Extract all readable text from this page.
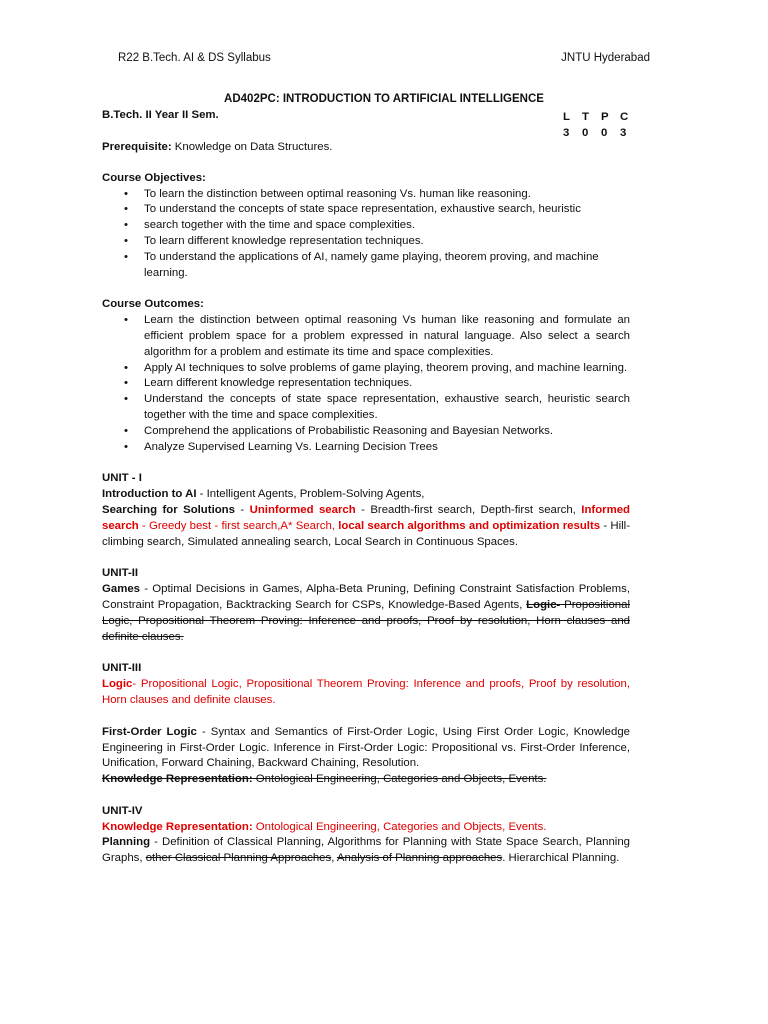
R22 B.Tech. AI & DS Syllabus	JNTU Hyderabad
AD402PC: INTRODUCTION TO ARTIFICIAL INTELLIGENCE
B.Tech. II Year II Sem.	L T P C
3 0 0 3

Prerequisite: Knowledge on Data Structures.

Course Objectives:

• To learn the distinction between optimal reasoning Vs. human like reasoning.
• To understand the concepts of state space representation, exhaustive search, heuristic
• search together with the time and space complexities.
• To learn different knowledge representation techniques.
• To understand the applications of AI, namely game playing, theorem proving, and machine learning.

Course Outcomes:

• Learn the distinction between optimal reasoning Vs human like reasoning and formulate an efficient problem space for a problem expressed in natural language. Also select a search algorithm for a problem and estimate its time and space complexities.
• Apply AI techniques to solve problems of game playing, theorem proving, and machine learning.
• Learn different knowledge representation techniques.
• Understand the concepts of state space representation, exhaustive search, heuristic search together with the time and space complexities.
• Comprehend the applications of Probabilistic Reasoning and Bayesian Networks.
• Analyze Supervised Learning Vs. Learning Decision Trees

UNIT - I

Introduction to AI - Intelligent Agents, Problem-Solving Agents,

Searching for Solutions - Uninformed search - Breadth-first search, Depth-first search, Informed search - Greedy best - first search,A* Search, local search algorithms and optimization results - Hill-climbing search, Simulated annealing search, Local Search in Continuous Spaces.

UNIT-II

Games - Optimal Decisions in Games, Alpha-Beta Pruning, Defining Constraint Satisfaction Problems, Constraint Propagation, Backtracking Search for CSPs, Knowledge-Based Agents, Logic- Propositional Logic, Propositional Theorem Proving: Inference and proofs, Proof by resolution, Horn clauses and definite clauses.

UNIT-III

Logic- Propositional Logic, Propositional Theorem Proving: Inference and proofs, Proof by resolution, Horn clauses and definite clauses.

First-Order Logic - Syntax and Semantics of First-Order Logic, Using First Order Logic, Knowledge Engineering in First-Order Logic. Inference in First-Order Logic: Propositional vs. First-Order Inference, Unification, Forward Chaining, Backward Chaining, Resolution.

Knowledge Representation: Ontological Engineering, Categories and Objects, Events.

UNIT-IV

Knowledge Representation: Ontological Engineering, Categories and Objects, Events.

Planning - Definition of Classical Planning, Algorithms for Planning with State Space Search, Planning Graphs, other Classical Planning Approaches, Analysis of Planning approaches. Hierarchical Planning.
